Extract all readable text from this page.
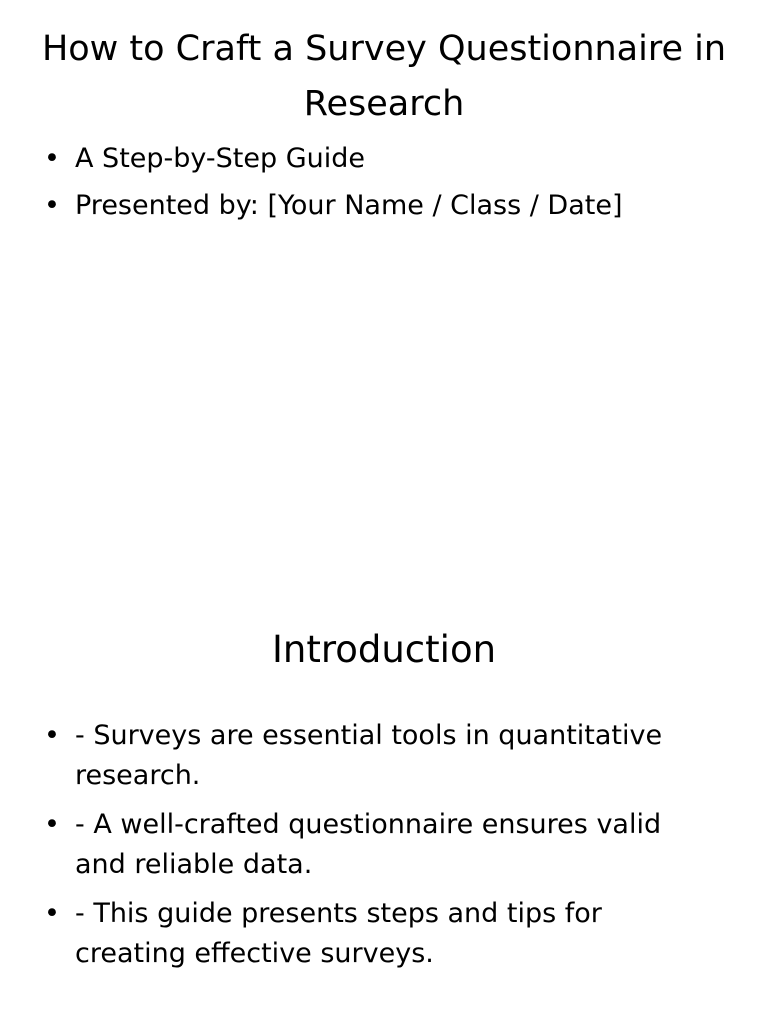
How to Craft a Survey Questionnaire in Research
• A Step-by-Step Guide
• Presented by: [Your Name / Class / Date]
Introduction
• - Surveys are essential tools in quantitative research.
• - A well-crafted questionnaire ensures valid and reliable data.
• - This guide presents steps and tips for creating effective surveys.
